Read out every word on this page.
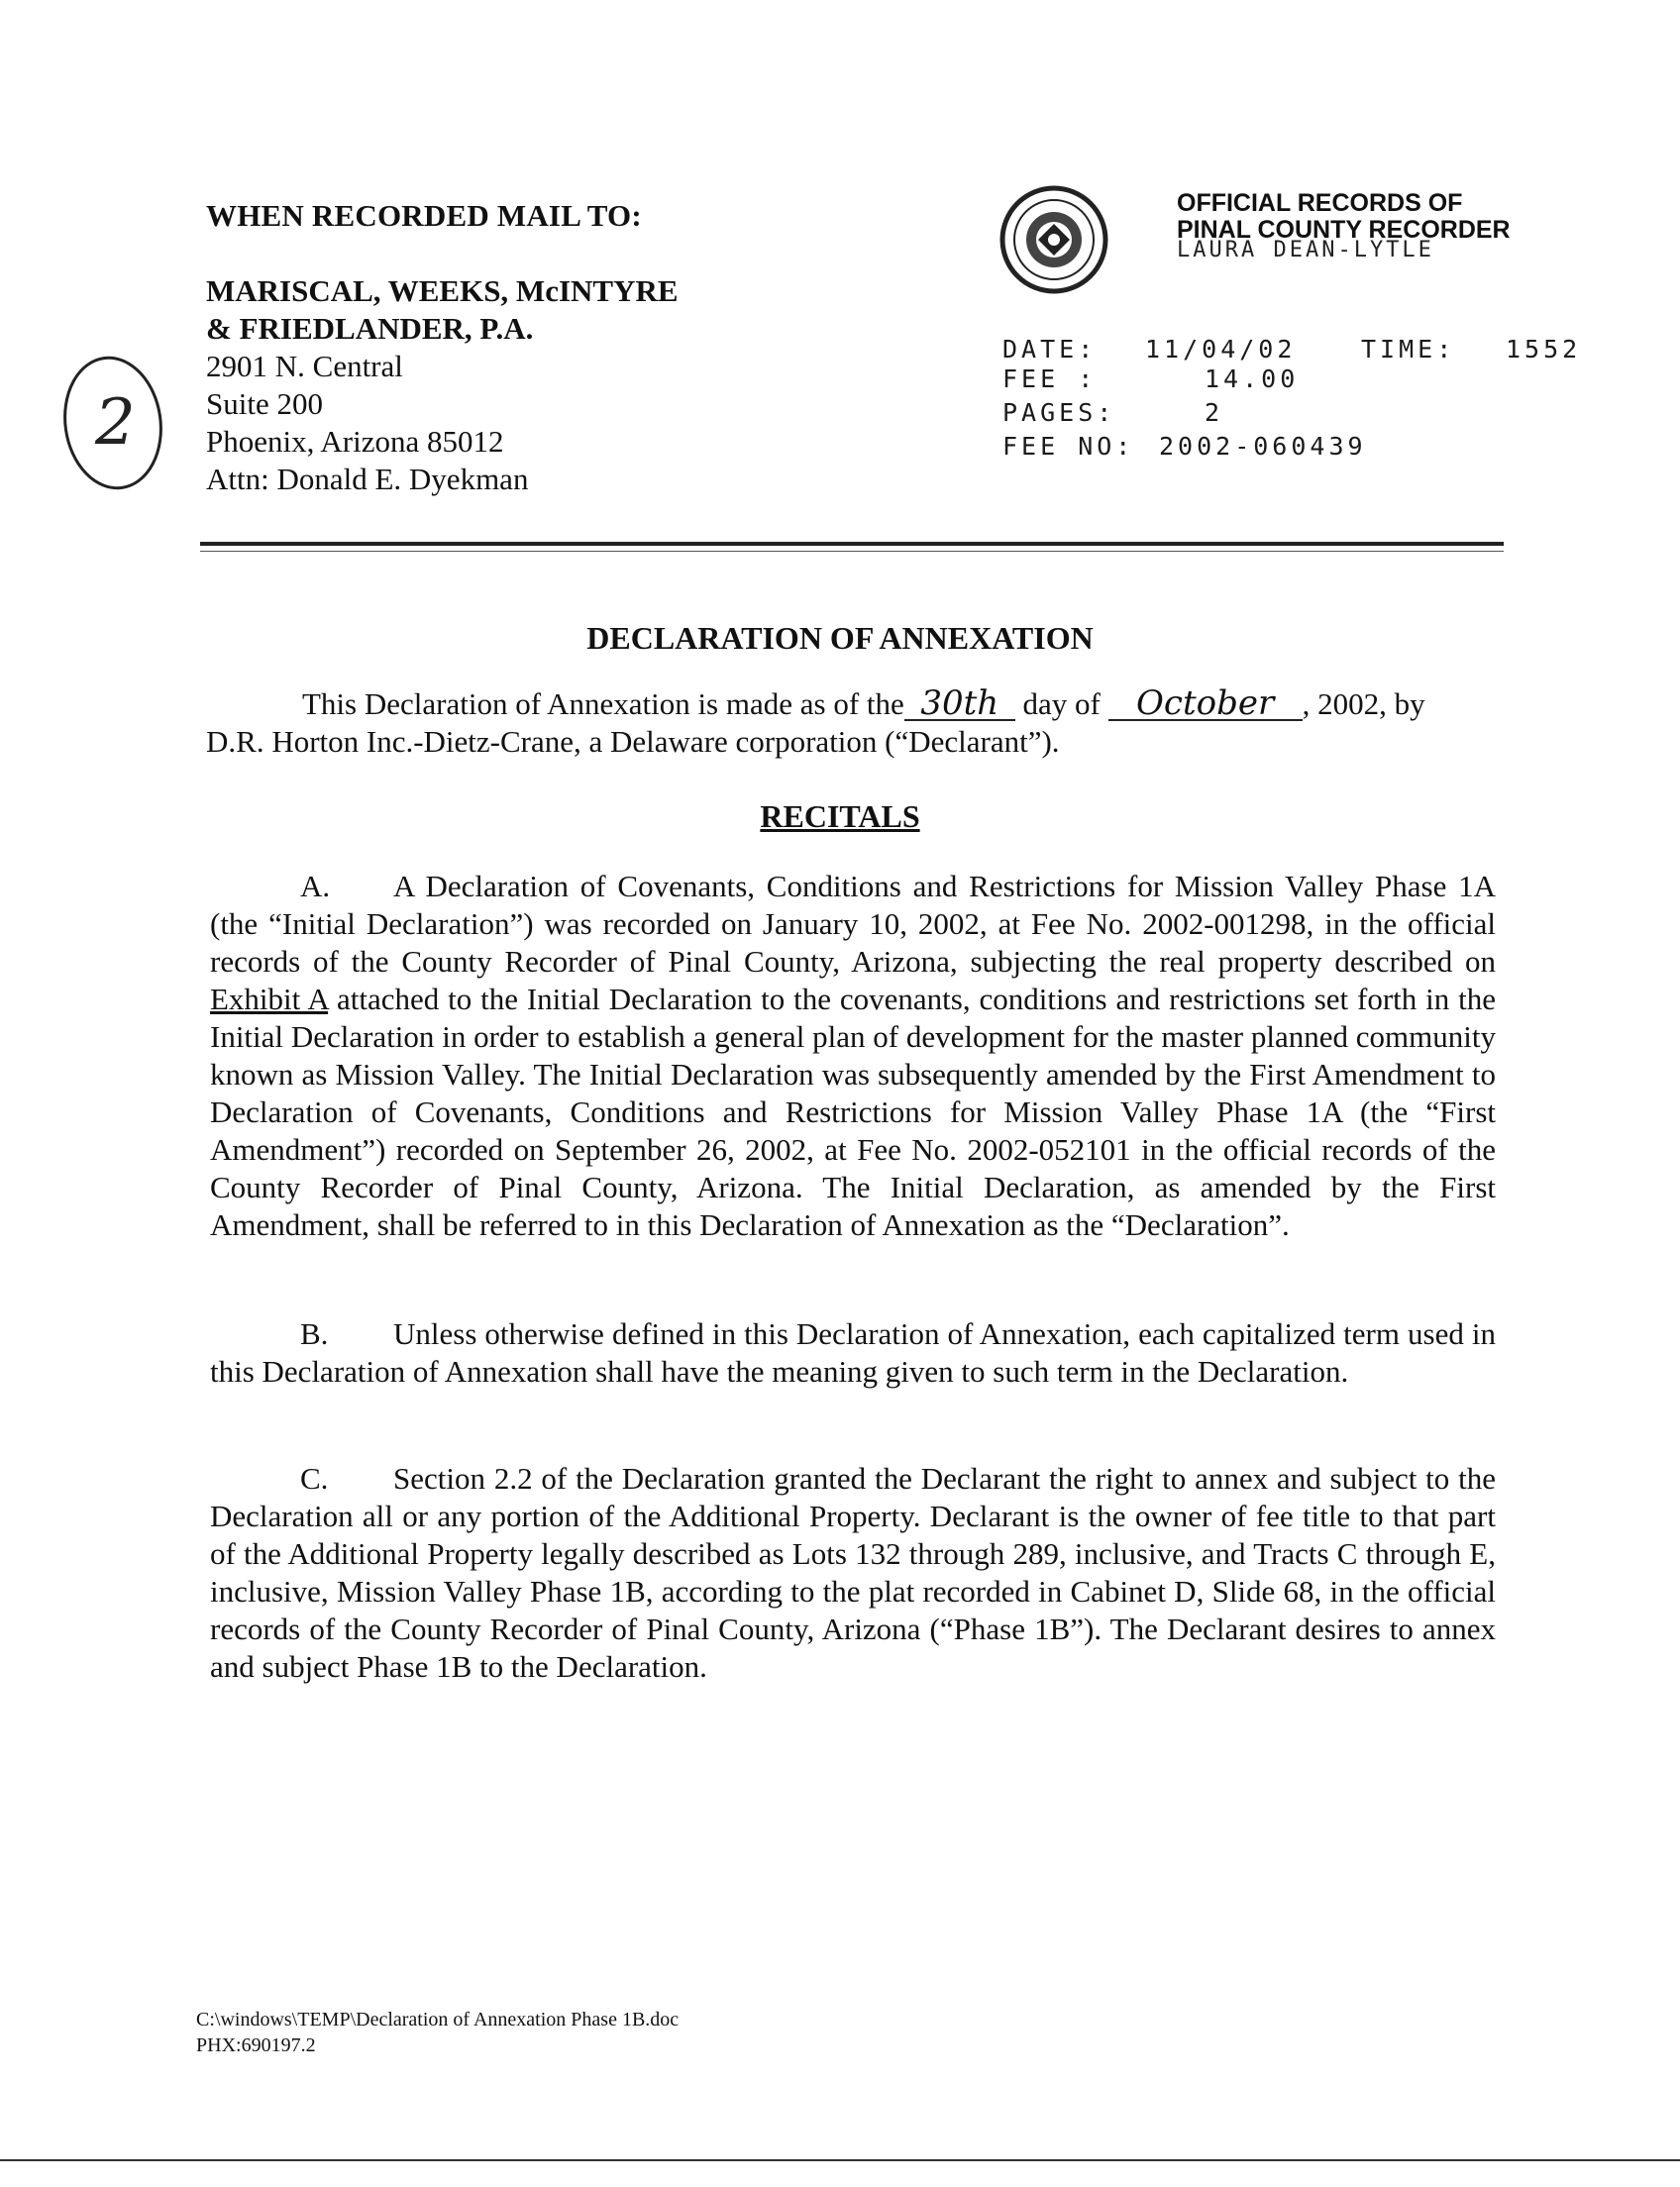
WHEN RECORDED MAIL TO:
MARISCAL, WEEKS, McINTYRE
& FRIEDLANDER, P.A.
2901 N. Central
Suite 200
Phoenix, Arizona 85012
Attn: Donald E. Dyekman
2
OFFICIAL RECORDS OF
PINAL COUNTY RECORDER
LAURA DEAN-LYTLE
DATE: 11/04/02	TIME: 1552
FEE :	14.00
PAGES:	2
FEE NO: 2002-060439
DECLARATION OF ANNEXATION
This Declaration of Annexation is made as of the 30th day of October , 2002, by
D.R. Horton Inc.-Dietz-Crane, a Delaware corporation (“Declarant”).
RECITALS
A. A Declaration of Covenants, Conditions and Restrictions for Mission Valley Phase 1A (the “Initial Declaration”) was recorded on January 10, 2002, at Fee No. 2002-001298, in the official records of the County Recorder of Pinal County, Arizona, subjecting the real property described on Exhibit A attached to the Initial Declaration to the covenants, conditions and restrictions set forth in the Initial Declaration in order to establish a general plan of development for the master planned community known as Mission Valley. The Initial Declaration was subsequently amended by the First Amendment to Declaration of Covenants, Conditions and Restrictions for Mission Valley Phase 1A (the “First Amendment”) recorded on September 26, 2002, at Fee No. 2002-052101 in the official records of the County Recorder of Pinal County, Arizona. The Initial Declaration, as amended by the First Amendment, shall be referred to in this Declaration of Annexation as the “Declaration”.
B. Unless otherwise defined in this Declaration of Annexation, each capitalized term used in this Declaration of Annexation shall have the meaning given to such term in the Declaration.
C. Section 2.2 of the Declaration granted the Declarant the right to annex and subject to the Declaration all or any portion of the Additional Property. Declarant is the owner of fee title to that part of the Additional Property legally described as Lots 132 through 289, inclusive, and Tracts C through E, inclusive, Mission Valley Phase 1B, according to the plat recorded in Cabinet D, Slide 68, in the official records of the County Recorder of Pinal County, Arizona (“Phase 1B”). The Declarant desires to annex and subject Phase 1B to the Declaration.
C:\windows\TEMP\Declaration of Annexation Phase 1B.doc
PHX:690197.2
